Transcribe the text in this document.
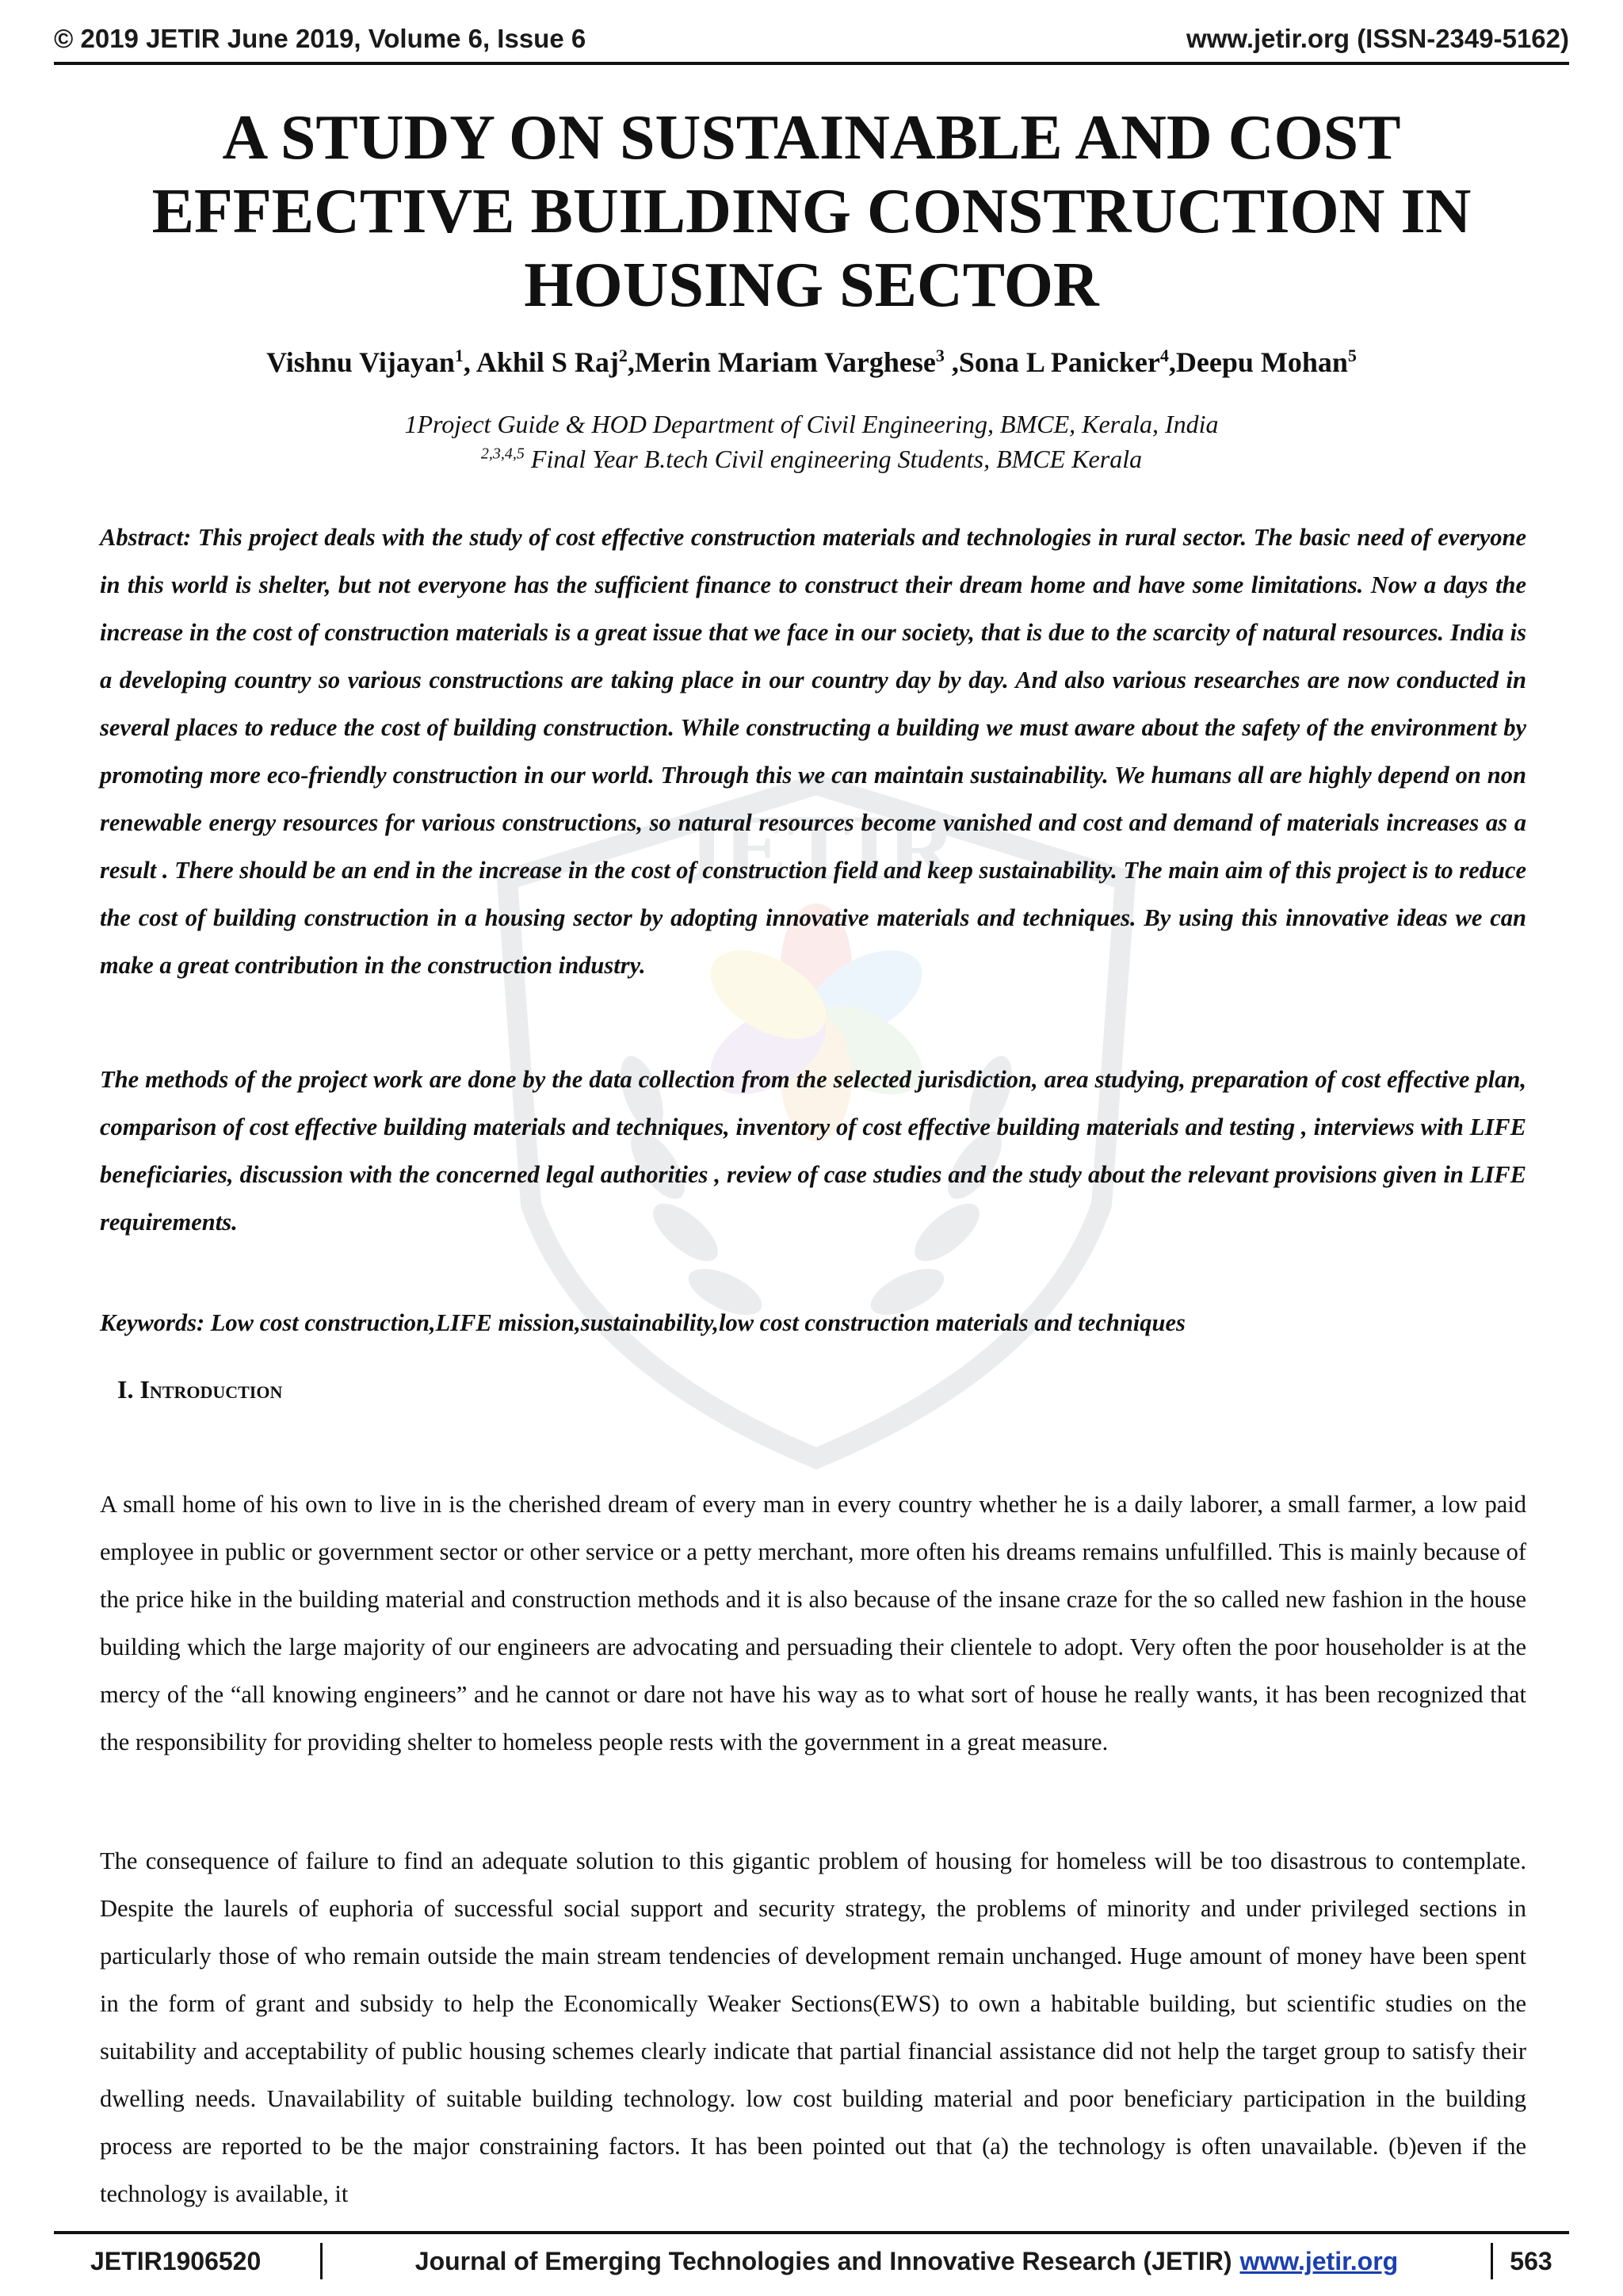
© 2019 JETIR June 2019, Volume 6, Issue 6	www.jetir.org (ISSN-2349-5162)
JETIR
A STUDY ON SUSTAINABLE AND COST EFFECTIVE BUILDING CONSTRUCTION IN HOUSING SECTOR
Vishnu Vijayan$^1$, Akhil S Raj$^2$,Merin Mariam Varghese$^3$ ,Sona L Panicker$^4$,Deepu Mohan$^5$
1Project Guide & HOD Department of Civil Engineering, BMCE, Kerala, India
$^{2,3,4,5}$ Final Year B.tech Civil engineering Students, BMCE Kerala

Abstract: This project deals with the study of cost effective construction materials and technologies in rural sector. The basic need of everyone in this world is shelter, but not everyone has the sufficient finance to construct their dream home and have some limitations. Now a days the increase in the cost of construction materials is a great issue that we face in our society, that is due to the scarcity of natural resources. India is a developing country so various constructions are taking place in our country day by day. And also various researches are now conducted in several places to reduce the cost of building construction. While constructing a building we must aware about the safety of the environment by promoting more eco-friendly construction in our world. Through this we can maintain sustainability. We humans all are highly depend on non renewable energy resources for various constructions, so natural resources become vanished and cost and demand of materials increases as a result . There should be an end in the increase in the cost of construction field and keep sustainability. The main aim of this project is to reduce the cost of building construction in a housing sector by adopting innovative materials and techniques. By using this innovative ideas we can make a great contribution in the construction industry.

The methods of the project work are done by the data collection from the selected jurisdiction, area studying, preparation of cost effective plan, comparison of cost effective building materials and techniques, inventory of cost effective building materials and testing , interviews with LIFE beneficiaries, discussion with the concerned legal authorities , review of case studies and the study about the relevant provisions given in LIFE requirements.

Keywords: Low cost construction,LIFE mission,sustainability,low cost construction materials and techniques

I. Introduction

A small home of his own to live in is the cherished dream of every man in every country whether he is a daily laborer, a small farmer, a low paid employee in public or government sector or other service or a petty merchant, more often his dreams remains unfulfilled. This is mainly because of the price hike in the building material and construction methods and it is also because of the insane craze for the so called new fashion in the house building which the large majority of our engineers are advocating and persuading their clientele to adopt. Very often the poor householder is at the mercy of the “all knowing engineers” and he cannot or dare not have his way as to what sort of house he really wants, it has been recognized that the responsibility for providing shelter to homeless people rests with the government in a great measure.

The consequence of failure to find an adequate solution to this gigantic problem of housing for homeless will be too disastrous to contemplate. Despite the laurels of euphoria of successful social support and security strategy, the problems of minority and under privileged sections in particularly those of who remain outside the main stream tendencies of development remain unchanged. Huge amount of money have been spent in the form of grant and subsidy to help the Economically Weaker Sections(EWS) to own a habitable building, but scientific studies on the suitability and acceptability of public housing schemes clearly indicate that partial financial assistance did not help the target group to satisfy their dwelling needs. Unavailability of suitable building technology. low cost building material and poor beneficiary participation in the building process are reported to be the major constraining factors. It has been pointed out that (a) the technology is often unavailable. (b)even if the technology is available, it

JETIR1906520	Journal of Emerging Technologies and Innovative Research (JETIR) www.jetir.org	563
